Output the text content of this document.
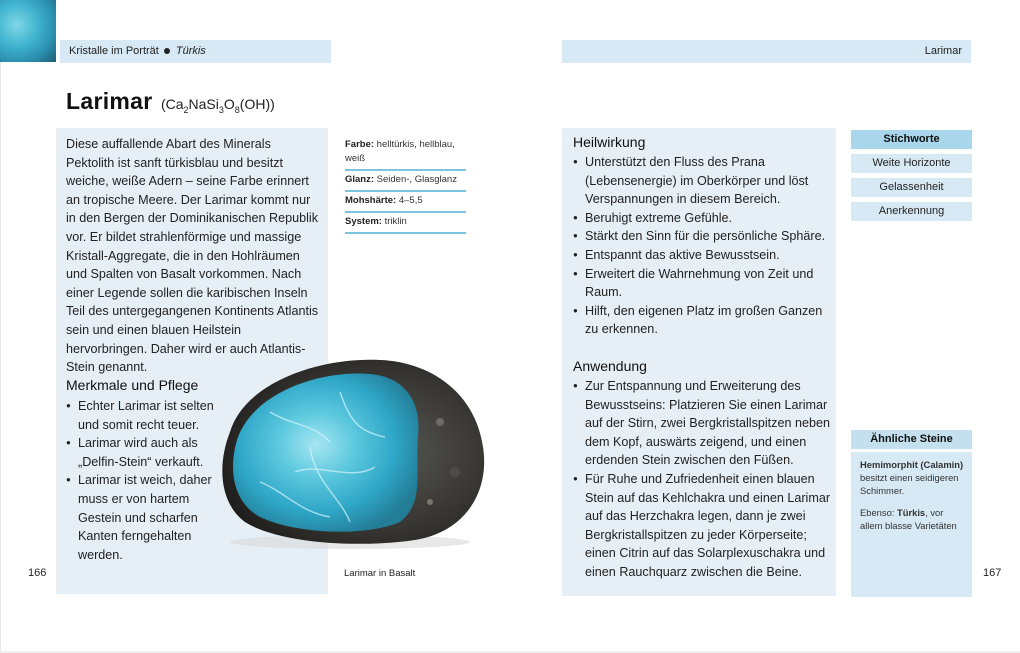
Kristalle im Porträt Türkis	Larimar
Larimar $(Ca_2NaSi_3O_8(OH))$

Diese auffallende Abart des Minerals Pektolith ist sanft türkisblau und besitzt weiche, weiße Adern – seine Farbe erinnert an tropische Meere. Der Larimar kommt nur in den Bergen der Dominikanischen Republik vor. Er bildet strahlenförmige und massige Kristall-Aggregate, die in den Hohlräumen und Spalten von Basalt vorkommen. Nach einer Legende sollen die karibischen Inseln Teil des untergegangenen Kontinents Atlantis sein und einen blauen Heilstein hervorbringen. Daher wird er auch Atlantis-Stein genannt.

Merkmale und Pflege
● Echter Larimar ist selten und somit recht teuer.
● Larimar wird auch als „Delfin-Stein“ verkauft.
● Larimar ist weich, daher muss er von hartem Gestein und scharfen Kanten ferngehalten werden.
Farbe: helltürkis, hellblau, weiß
Glanz: Seiden-, Glasglanz
Mohshärte: 4–5,5
System: triklin
Larimar in Basalt
166	167
Heilwirkung
● Unterstützt den Fluss des Prana (Lebensenergie) im Oberkörper und löst Verspannungen in diesem Bereich.
● Beruhigt extreme Gefühle.
● Stärkt den Sinn für die persönliche Sphäre.
● Entspannt das aktive Bewusstsein.
● Erweitert die Wahrnehmung von Zeit und Raum.
● Hilft, den eigenen Platz im großen Ganzen zu erkennen.
Anwendung
● Zur Entspannung und Erweiterung des Bewusstseins: Platzieren Sie einen Larimar auf der Stirn, zwei Bergkristallspitzen neben dem Kopf, auswärts zeigend, und einen erdenden Stein zwischen den Füßen.
● Für Ruhe und Zufriedenheit einen blauen Stein auf das Kehlchakra und einen Larimar auf das Herzchakra legen, dann je zwei Bergkristallspitzen zu jeder Körperseite; einen Citrin auf das Solarplexuschakra und einen Rauchquarz zwischen die Beine.
Stichworte
Weite Horizonte
Gelassenheit
Anerkennung
Ähnliche Steine
Hemimorphit (Calamin) besitzt einen seidigeren Schimmer.
Ebenso: Türkis, vor allem blasse Varietäten
